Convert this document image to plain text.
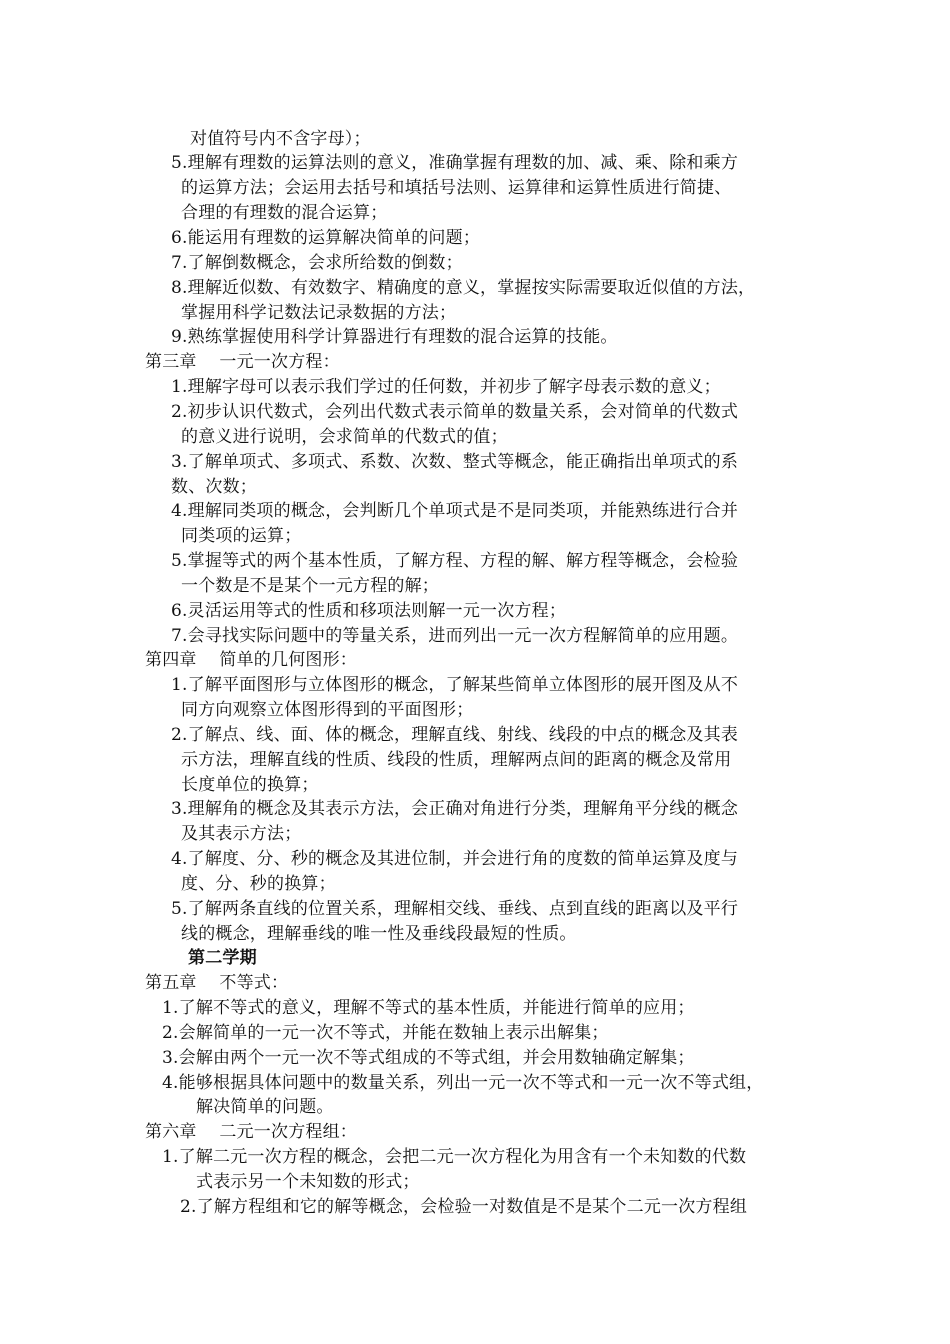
对值符号内不含字母）；
5.理解有理数的运算法则的意义，准确掌握有理数的加、减、乘、除和乘方
的运算方法；会运用去括号和填括号法则、运算律和运算性质进行简捷、
合理的有理数的混合运算；
6.能运用有理数的运算解决简单的问题；
7.了解倒数概念，会求所给数的倒数；
8.理解近似数、有效数字、精确度的意义，掌握按实际需要取近似值的方法，
掌握用科学记数法记录数据的方法；
9.熟练掌握使用科学计算器进行有理数的混合运算的技能。
第三章　 一元一次方程：
1.理解字母可以表示我们学过的任何数，并初步了解字母表示数的意义；
2.初步认识代数式，会列出代数式表示简单的数量关系，会对简单的代数式
的意义进行说明，会求简单的代数式的值；
3.了解单项式、多项式、系数、次数、整式等概念，能正确指出单项式的系
数、次数；
4.理解同类项的概念，会判断几个单项式是不是同类项，并能熟练进行合并
同类项的运算；
5.掌握等式的两个基本性质，了解方程、方程的解、解方程等概念，会检验
一个数是不是某个一元方程的解；
6.灵活运用等式的性质和移项法则解一元一次方程；
7.会寻找实际问题中的等量关系，进而列出一元一次方程解简单的应用题。
第四章　 简单的几何图形：
1.了解平面图形与立体图形的概念，了解某些简单立体图形的展开图及从不
同方向观察立体图形得到的平面图形；
2.了解点、线、面、体的概念，理解直线、射线、线段的中点的概念及其表
示方法，理解直线的性质、线段的性质，理解两点间的距离的概念及常用
长度单位的换算；
3.理解角的概念及其表示方法，会正确对角进行分类，理解角平分线的概念
及其表示方法；
4.了解度、分、秒的概念及其进位制，并会进行角的度数的简单运算及度与
度、分、秒的换算；
5.了解两条直线的位置关系，理解相交线、垂线、点到直线的距离以及平行
线的概念，理解垂线的唯一性及垂线段最短的性质。
第二学期
第五章　 不等式：
1.了解不等式的意义，理解不等式的基本性质，并能进行简单的应用；
2.会解简单的一元一次不等式，并能在数轴上表示出解集；
3.会解由两个一元一次不等式组成的不等式组，并会用数轴确定解集；
4.能够根据具体问题中的数量关系，列出一元一次不等式和一元一次不等式组，
解决简单的问题。
第六章　 二元一次方程组：
1.了解二元一次方程的概念，会把二元一次方程化为用含有一个未知数的代数
式表示另一个未知数的形式；
2.了解方程组和它的解等概念，会检验一对数值是不是某个二元一次方程组
